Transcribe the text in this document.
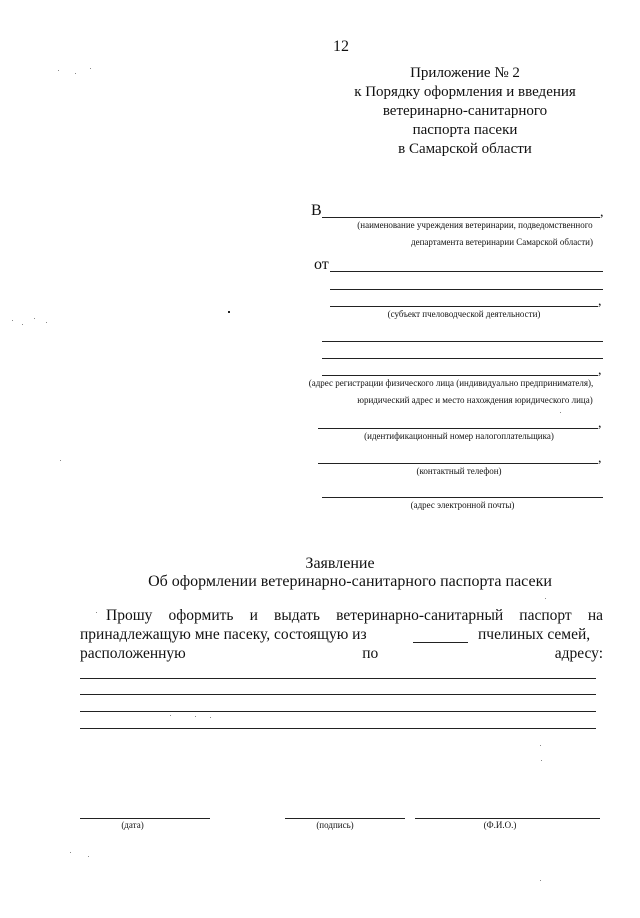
12
Приложение № 2
к Порядку оформления и введения
ветеринарно-санитарного
паспорта пасеки
в Самарской области
В	,
(наименование учреждения ветеринарии, подведомственного
департамента ветеринарии Самарской области)
от
,
(субъект пчеловодческой деятельности)
,
(адрес регистрации физического лица (индивидуально предпринимателя),
юридический адрес и место нахождения юридического лица)
,
(идентификационный номер налогоплательщика)
,
(контактный телефон)
(адрес электронной почты)
Заявление
Об оформлении ветеринарно-санитарного паспорта пасеки
Прошу оформить и выдать ветеринарно-санитарный паспорт на
принадлежащую мне пасеку, состоящую из	пчелиных семей,
расположенную	по	адресу:
(дата)	(подпись)	(Ф.И.О.)
